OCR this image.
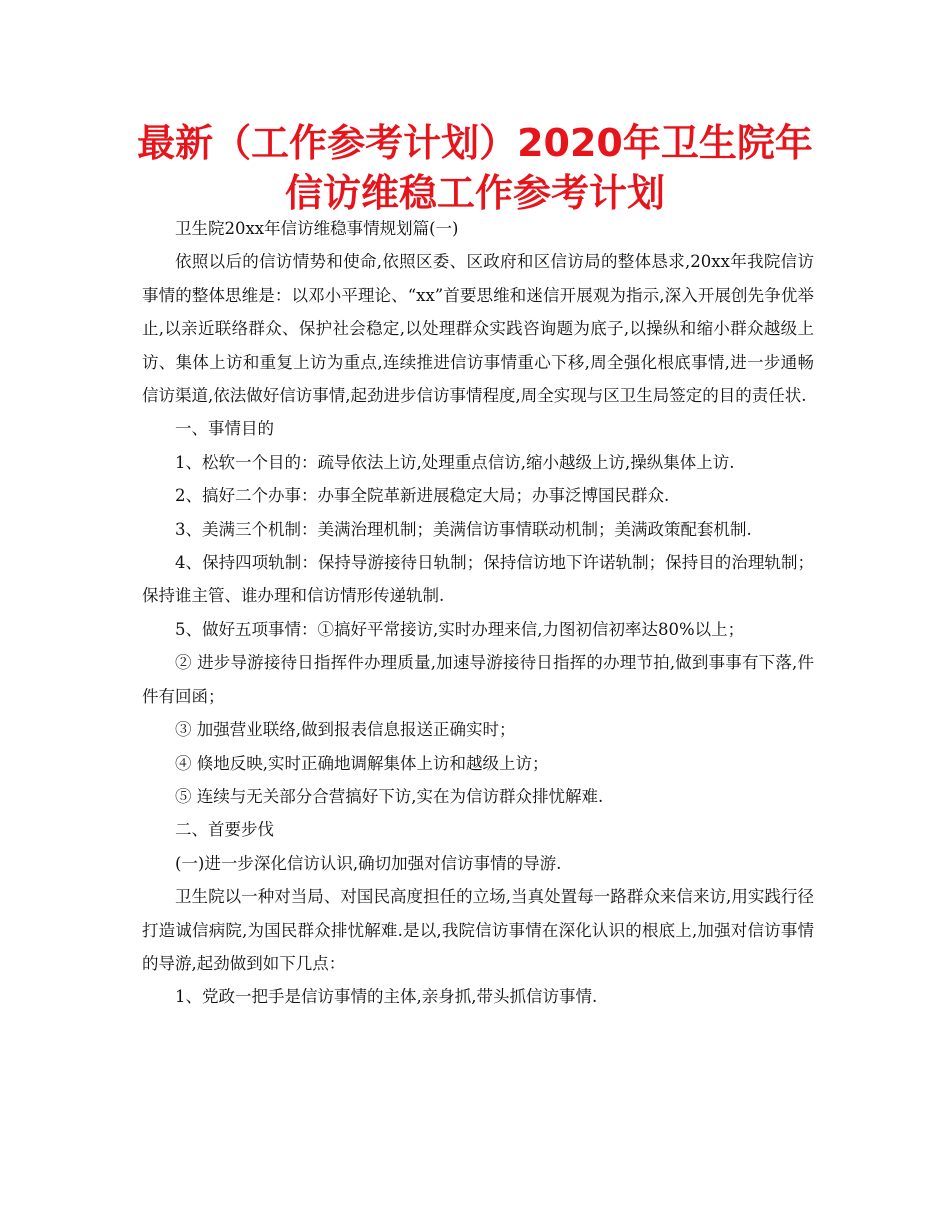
最新（工作参考计划）2020年卫生院年信访维稳工作参考计划

卫生院20xx年信访维稳事情规划篇(一)

依照以后的信访情势和使命,依照区委、区政府和区信访局的整体恳求,20xx年我院信访事情的整体思维是：以邓小平理论、“xx”首要思维和迷信开展观为指示,深入开展创先争优举止,以亲近联络群众、保护社会稳定,以处理群众实践咨询题为底子,以操纵和缩小群众越级上访、集体上访和重复上访为重点,连续推进信访事情重心下移,周全强化根底事情,进一步通畅信访渠道,依法做好信访事情,起劲进步信访事情程度,周全实现与区卫生局签定的目的责任状.

一、事情目的

1、松软一个目的：疏导依法上访,处理重点信访,缩小越级上访,操纵集体上访.

2、搞好二个办事：办事全院革新进展稳定大局；办事泛博国民群众.

3、美满三个机制：美满治理机制；美满信访事情联动机制；美满政策配套机制.

4、保持四项轨制：保持导游接待日轨制；保持信访地下许诺轨制；保持目的治理轨制；保持谁主管、谁办理和信访情形传递轨制.

5、做好五项事情：①搞好平常接访,实时办理来信,力图初信初率达80%以上；

② 进步导游接待日指挥件办理质量,加速导游接待日指挥的办理节拍,做到事事有下落,件件有回函；

③ 加强营业联络,做到报表信息报送正确实时；

④ 倏地反映,实时正确地调解集体上访和越级上访；

⑤ 连续与无关部分合营搞好下访,实在为信访群众排忧解难.

二、首要步伐

(一)进一步深化信访认识,确切加强对信访事情的导游.

卫生院以一种对当局、对国民高度担任的立场,当真处置每一路群众来信来访,用实践行径打造诚信病院,为国民群众排忧解难.是以,我院信访事情在深化认识的根底上,加强对信访事情的导游,起劲做到如下几点：

1、党政一把手是信访事情的主体,亲身抓,带头抓信访事情.
